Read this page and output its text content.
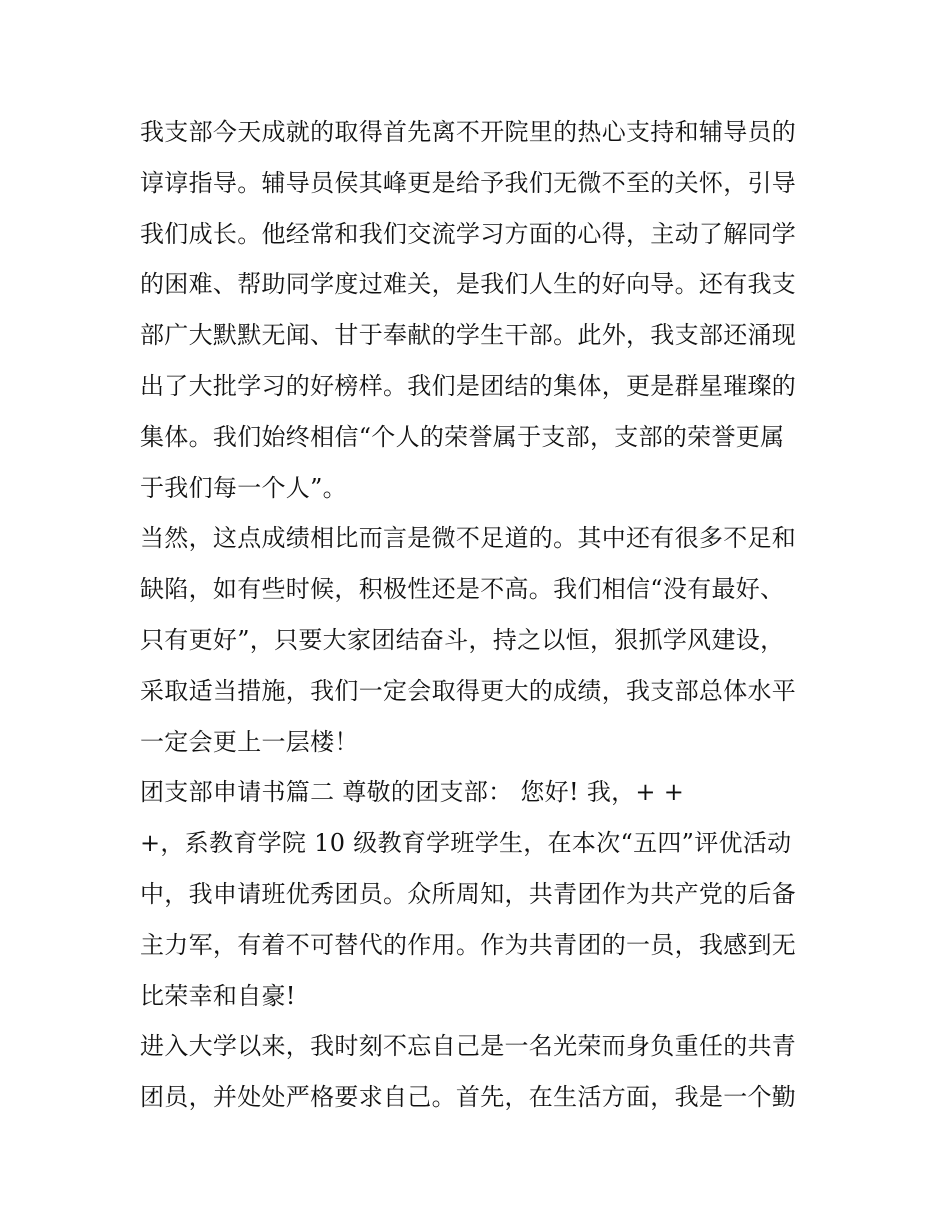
我支部今天成就的取得首先离不开院里的热心支持和辅导员的
谆谆指导。辅导员侯其峰更是给予我们无微不至的关怀，引导
我们成长。他经常和我们交流学习方面的心得，主动了解同学
的困难、帮助同学度过难关，是我们人生的好向导。还有我支
部广大默默无闻、甘于奉献的学生干部。此外，我支部还涌现
出了大批学习的好榜样。我们是团结的集体，更是群星璀璨的
集体。我们始终相信“个人的荣誉属于支部，支部的荣誉更属
于我们每一个人”。
当然，这点成绩相比而言是微不足道的。其中还有很多不足和
缺陷，如有些时候，积极性还是不高。我们相信“没有最好、
只有更好”，只要大家团结奋斗，持之以恒，狠抓学风建设，
采取适当措施，我们一定会取得更大的成绩，我支部总体水平
一定会更上一层楼！
团支部申请书篇二 尊敬的团支部： 您好! 我，+ +
+，系教育学院 10 级教育学班学生，在本次“五四”评优活动
中，我申请班优秀团员。众所周知，共青团作为共产党的后备
主力军，有着不可替代的作用。作为共青团的一员，我感到无
比荣幸和自豪!
进入大学以来，我时刻不忘自己是一名光荣而身负重任的共青
团员，并处处严格要求自己。首先，在生活方面，我是一个勤
